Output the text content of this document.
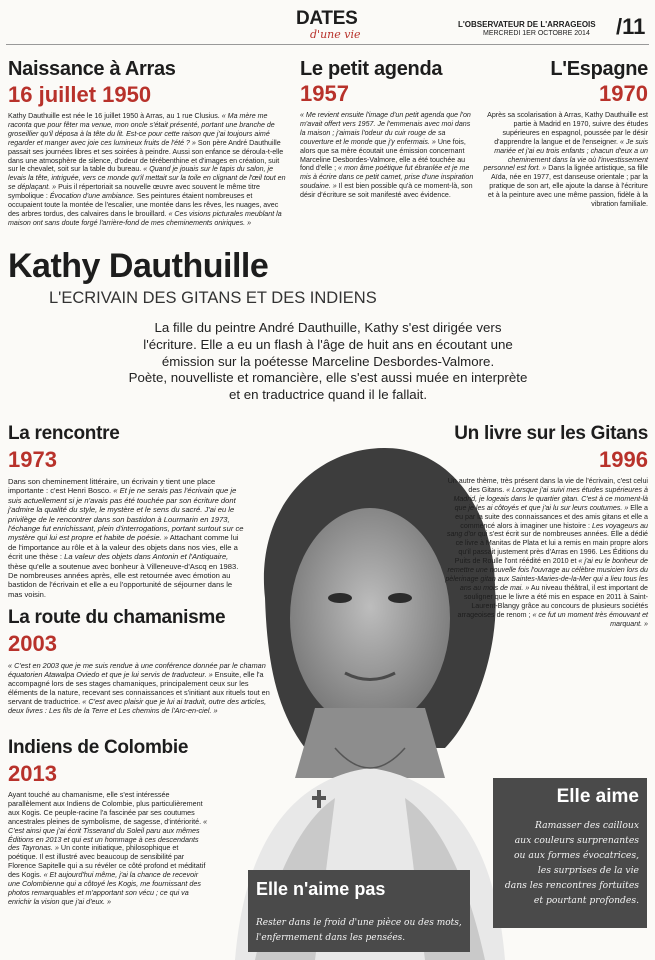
DATES
d'une vie
L'OBSERVATEUR DE L'ARRAGEOIS
MERCREDI 1ER OCTOBRE 2014 /11
Naissance à Arras
16 juillet 1950
Kathy Dauthuille est née le 16 juillet 1950 à Arras, au 1 rue Clusius. « Ma mère me raconta que pour fêter ma venue, mon oncle s'était présenté, portant une branche de groseillier qu'il déposa à la tête du lit. Est-ce pour cette raison que j'ai toujours aimé regarder et manger avec joie ces lumineux fruits de l'été ? » Son père André Dauthuille passait ses journées libres et ses soirées à peindre. Aussi son enfance se déroula-t-elle dans une atmosphère de silence, d'odeur de térébenthine et d'images en création, suit sur le chevalet, soit sur la table du bureau. « Quand je jouais sur le tapis du salon, je levais la tête, intriguée, vers ce monde qu'il mettait sur la toile en clignant de l'œil tout en se déplaçant. » Puis il répertoriait sa nouvelle œuvre avec souvent le même titre symbolique : Évocation d'une ambiance. Ses peintures étaient nombreuses et occupaient toute la montée de l'escalier, une montée dans les rêves, les nuages, avec des arbres tordus, des calvaires dans le brouillard. « Ces visions picturales meublant la maison ont sans doute forgé l'arrière-fond de mes cheminements oniriques. »
Le petit agenda
1957
« Me revient ensuite l'image d'un petit agenda que l'on m'avait offert vers 1957. Je l'emmenais avec moi dans la maison ; j'aimais l'odeur du cuir rouge de sa couverture et le monde que j'y enfermais. » Une fois, alors que sa mère écoutait une émission concernant Marceline Desbordes-Valmore, elle a été touchée au fond d'elle ; « mon âme poétique fut ébranlée et je me mis à écrire dans ce petit carnet, prise d'une inspiration soudaine. » Il est bien possible qu'à ce moment-là, son désir d'écriture se soit manifesté avec évidence.
L'Espagne
1970
Après sa scolarisation à Arras, Kathy Dauthuille est partie à Madrid en 1970, suivre des études supérieures en espagnol, poussée par le désir d'apprendre la langue et de l'enseigner. « Je suis mariée et j'ai eu trois enfants ; chacun d'eux a un cheminement dans la vie où l'investissement personnel est fort. » Dans la lignée artistique, sa fille Aïda, née en 1977, est danseuse orientale ; par la pratique de son art, elle ajoute la danse à l'écriture et à la peinture avec une même passion, fidèle à la vibration familiale.
Kathy Dauthuille
L'ECRIVAIN DES GITANS ET DES INDIENS
La fille du peintre André Dauthuille, Kathy s'est dirigée vers
l'écriture. Elle a eu un flash à l'âge de huit ans en écoutant une
émission sur la poétesse Marceline Desbordes-Valmore.
Poète, nouvelliste et romancière, elle s'est aussi muée en interprète
et en traductrice quand il le fallait.
La rencontre
1973
Dans son cheminement littéraire, un écrivain y tient une place importante : c'est Henri Bosco. « Et je ne serais pas l'écrivain que je suis actuellement si je n'avais pas été touchée par son écriture dont j'admire la qualité du style, le mystère et le sens du sacré. J'ai eu le privilège de le rencontrer dans son bastidon à Lourmarin en 1973, l'échange fut enrichissant, plein d'interrogations, portant surtout sur ce mystère qui lui est propre et habite de poésie. » Attachant comme lui de l'importance au rôle et à la valeur des objets dans nos vies, elle a écrit une thèse : La valeur des objets dans Antonin et l'Antiquaire, thèse qu'elle a soutenue avec bonheur à Villeneuve-d'Ascq en 1983. De nombreuses années après, elle est retournée avec émotion au bastidon de l'écrivain et elle a eu l'opportunité de séjourner dans le mas voisin.
La route du chamanisme
2003
« C'est en 2003 que je me suis rendue à une conférence donnée par le chaman équatorien Atawalpa Oviedo et que je lui servis de traducteur. » Ensuite, elle l'a accompagné lors de ses stages chamaniques, principalement ceux sur les éléments de la nature, recevant ses connaissances et s'initiant aux rituels tout en servant de traductrice. « C'est avec plaisir que je lui ai traduit, outre des articles, deux livres : Les fils de la Terre et Les chemins de l'Arc-en-ciel. »
Indiens de Colombie
2013
Ayant touché au chamanisme, elle s'est intéressée parallèlement aux Indiens de Colombie, plus particulièrement aux Kogis. Ce peuple-racine l'a fascinée par ses coutumes ancestrales pleines de symbolisme, de sagesse, d'intériorité. « C'est ainsi que j'ai écrit Tisserand du Soleil paru aux mêmes Éditions en 2013 et qui est un hommage à ces descendants des Tayronas. » Un conte initiatique, philosophique et poétique. Il est illustré avec beaucoup de sensibilité par Florence Sapitelle qui a su révéler ce côté profond et méditatif des Kogis. « Et aujourd'hui même, j'ai la chance de recevoir une Colombienne qui a côtoyé les Kogis, me fournissant des photos remarquables et m'apportant son vécu ; ce qui va enrichir la vision que j'ai d'eux. »
Un livre sur les Gitans
1996
Un autre thème, très présent dans la vie de l'écrivain, c'est celui des Gitans. « Lorsque j'ai suivi mes études supérieures à Madrid, je logeais dans le quartier gitan. C'est à ce moment-là que je les ai côtoyés et que j'ai lu sur leurs coutumes. » Elle a eu par la suite des connaissances et des amis gitans et elle a commencé alors à imaginer une histoire : Les voyageurs au sang d'or qui s'est écrit sur de nombreuses années. Elle a dédié ce livre à Manitas de Plata et lui a remis en main propre alors qu'il passait justement près d'Arras en 1996. Les Éditions du Puits de Roulle l'ont réédité en 2010 et « j'ai eu le bonheur de remettre une nouvelle fois l'ouvrage au célèbre musicien lors du pèlerinage gitan aux Saintes-Maries-de-la-Mer qui a lieu tous les ans au mois de mai. » Au niveau théâtral, il est important de souligner que le livre a été mis en espace en 2011 à Saint-Laurent-Blangy grâce au concours de plusieurs sociétés arrageoises de renom ; « ce fut un moment très émouvant et marquant. »
Elle aime
Ramasser des cailloux
aux couleurs surprenantes
ou aux formes évocatrices,
les surprises de la vie
dans les rencontres fortuites
et pourtant profondes.
Elle n'aime pas
Rester dans le froid d'une pièce ou des mots,
l'enfermement dans les pensées.
